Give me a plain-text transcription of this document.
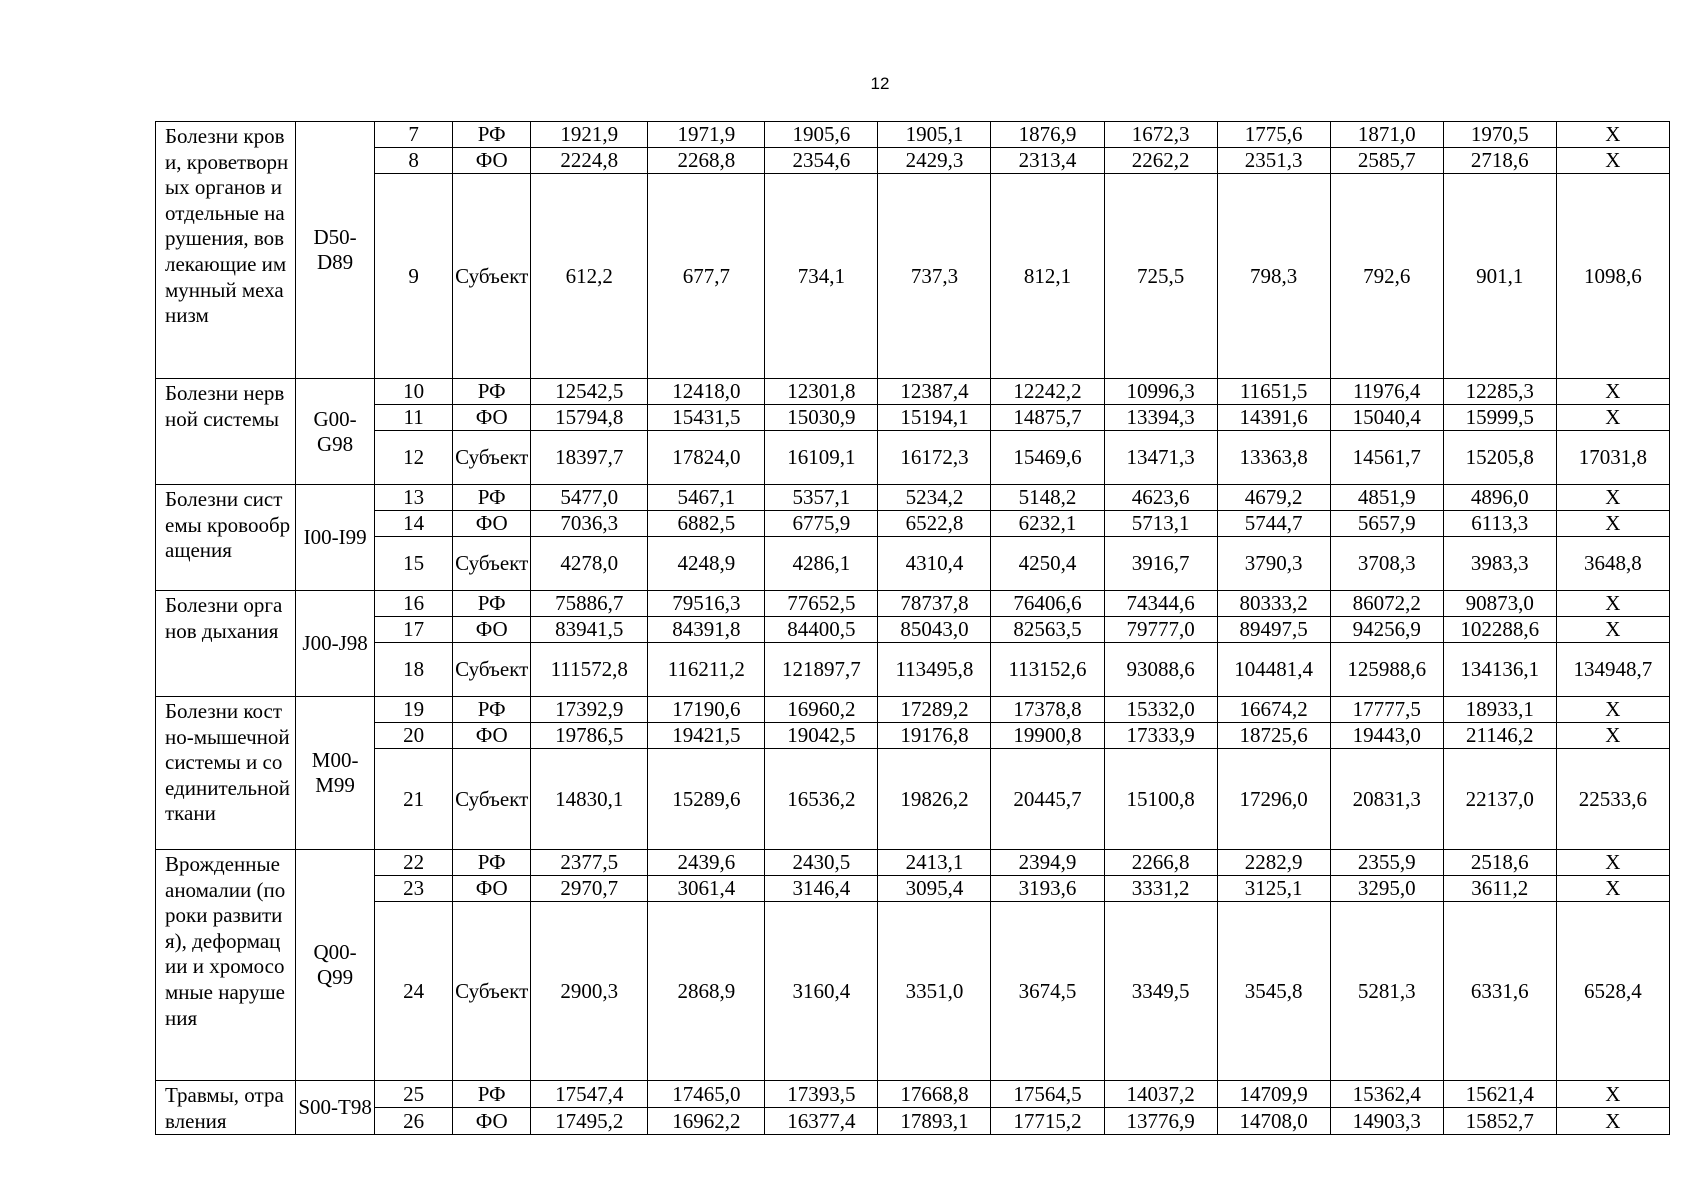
12
Болезни крови, кроветворных органов и отдельные нарушения, вовлекающие иммунный механизм	D50-D89	7	РФ	1921,9	1971,9	1905,6	1905,1	1876,9	1672,3	1775,6	1871,0	1970,5	X
		8	ФО	2224,8	2268,8	2354,6	2429,3	2313,4	2262,2	2351,3	2585,7	2718,6	X
		9	Субъект	612,2	677,7	734,1	737,3	812,1	725,5	798,3	792,6	901,1	1098,6
Болезни нервной системы	G00-G98	10	РФ	12542,5	12418,0	12301,8	12387,4	12242,2	10996,3	11651,5	11976,4	12285,3	X
		11	ФО	15794,8	15431,5	15030,9	15194,1	14875,7	13394,3	14391,6	15040,4	15999,5	X
		12	Субъект	18397,7	17824,0	16109,1	16172,3	15469,6	13471,3	13363,8	14561,7	15205,8	17031,8
Болезни системы кровообращения	I00-I99	13	РФ	5477,0	5467,1	5357,1	5234,2	5148,2	4623,6	4679,2	4851,9	4896,0	X
		14	ФО	7036,3	6882,5	6775,9	6522,8	6232,1	5713,1	5744,7	5657,9	6113,3	X
		15	Субъект	4278,0	4248,9	4286,1	4310,4	4250,4	3916,7	3790,3	3708,3	3983,3	3648,8
Болезни органов дыхания	J00-J98	16	РФ	75886,7	79516,3	77652,5	78737,8	76406,6	74344,6	80333,2	86072,2	90873,0	X
		17	ФО	83941,5	84391,8	84400,5	85043,0	82563,5	79777,0	89497,5	94256,9	102288,6	X
		18	Субъект	111572,8	116211,2	121897,7	113495,8	113152,6	93088,6	104481,4	125988,6	134136,1	134948,7
Болезни костно-мышечной системы и соединительной ткани	M00-M99	19	РФ	17392,9	17190,6	16960,2	17289,2	17378,8	15332,0	16674,2	17777,5	18933,1	X
		20	ФО	19786,5	19421,5	19042,5	19176,8	19900,8	17333,9	18725,6	19443,0	21146,2	X
		21	Субъект	14830,1	15289,6	16536,2	19826,2	20445,7	15100,8	17296,0	20831,3	22137,0	22533,6
Врожденные аномалии (пороки развития), деформации и хромосомные нарушения	Q00-Q99	22	РФ	2377,5	2439,6	2430,5	2413,1	2394,9	2266,8	2282,9	2355,9	2518,6	X
		23	ФО	2970,7	3061,4	3146,4	3095,4	3193,6	3331,2	3125,1	3295,0	3611,2	X
		24	Субъект	2900,3	2868,9	3160,4	3351,0	3674,5	3349,5	3545,8	5281,3	6331,6	6528,4
Травмы, отравления	S00-T98	25	РФ	17547,4	17465,0	17393,5	17668,8	17564,5	14037,2	14709,9	15362,4	15621,4	X
		26	ФО	17495,2	16962,2	16377,4	17893,1	17715,2	13776,9	14708,0	14903,3	15852,7	X
